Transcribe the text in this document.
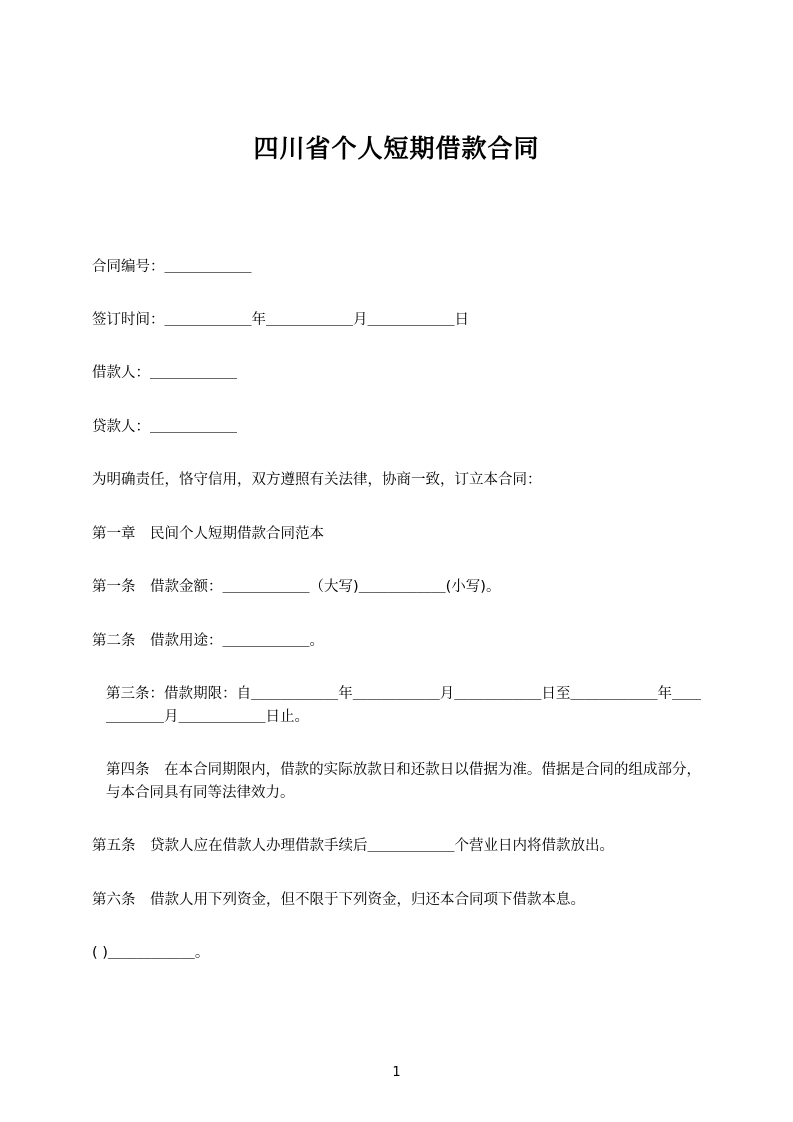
四川省个人短期借款合同

合同编号：＿＿＿＿＿＿

签订时间：＿＿＿＿＿＿年＿＿＿＿＿＿月＿＿＿＿＿＿日

借款人：＿＿＿＿＿＿

贷款人：＿＿＿＿＿＿

为明确责任，恪守信用，双方遵照有关法律，协商一致，订立本合同：

第一章　民间个人短期借款合同范本

第一条　借款金额：＿＿＿＿＿＿（大写)＿＿＿＿＿＿(小写)。

第二条　借款用途：＿＿＿＿＿＿。

第三条：借款期限：自＿＿＿＿＿＿年＿＿＿＿＿＿月＿＿＿＿＿＿日至＿＿＿＿＿＿年＿＿＿＿＿＿月＿＿＿＿＿＿日止。

第四条　在本合同期限内，借款的实际放款日和还款日以借据为准。借据是合同的组成部分，与本合同具有同等法律效力。

第五条　贷款人应在借款人办理借款手续后＿＿＿＿＿＿个营业日内将借款放出。

第六条　借款人用下列资金，但不限于下列资金，归还本合同项下借款本息。

( )＿＿＿＿＿＿。

1
